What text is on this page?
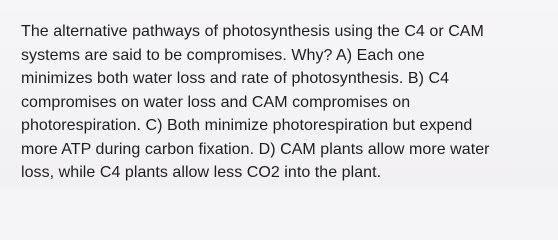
The alternative pathways of photosynthesis using the C4 or CAM
systems are said to be compromises. Why? A) Each one
minimizes both water loss and rate of photosynthesis. B) C4
compromises on water loss and CAM compromises on
photorespiration. C) Both minimize photorespiration but expend
more ATP during carbon fixation. D) CAM plants allow more water
loss, while C4 plants allow less CO2 into the plant.
